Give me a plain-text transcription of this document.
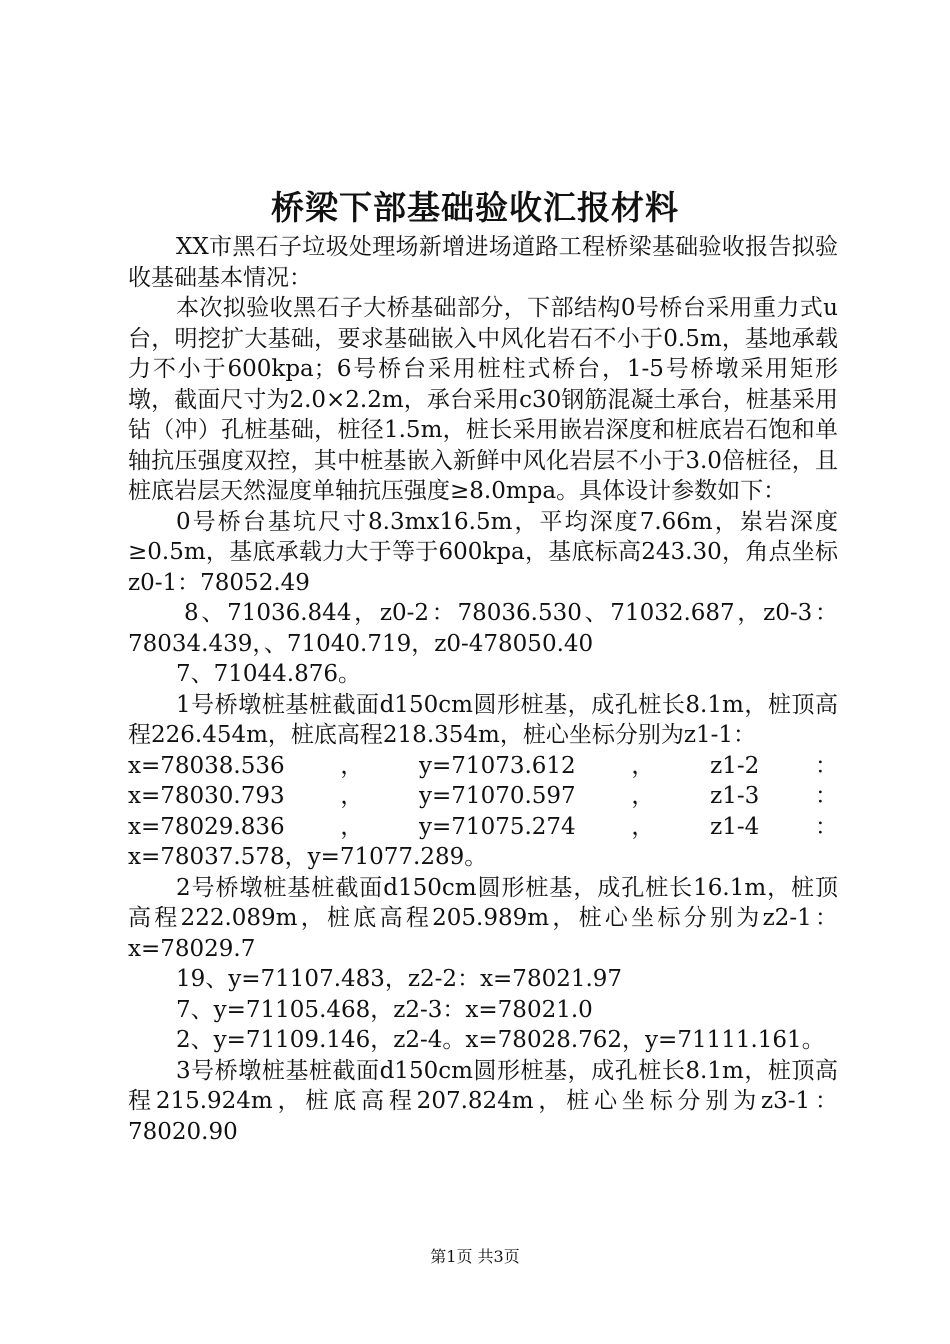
桥梁下部基础验收汇报材料

XX市黑石子垃圾处理场新增进场道路工程桥梁基础验收报告拟验收基础基本情况：

本次拟验收黑石子大桥基础部分，下部结构0号桥台采用重力式u台，明挖扩大基础，要求基础嵌入中风化岩石不小于0.5m，基地承载力不小于600kpa；6号桥台采用桩柱式桥台，1-5号桥墩采用矩形墩，截面尺寸为2.0×2.2m，承台采用c30钢筋混凝土承台，桩基采用钻（冲）孔桩基础，桩径1.5m，桩长采用嵌岩深度和桩底岩石饱和单轴抗压强度双控，其中桩基嵌入新鲜中风化岩层不小于3.0倍桩径，且桩底岩层天然湿度单轴抗压强度≥8.0mpa。具体设计参数如下：

0号桥台基坑尺寸8.3mx16.5m，平均深度7.66m，岽岩深度≥0.5m，基底承载力大于等于600kpa，基底标高243.30，角点坐标z0-1：78052.49

8、71036.844，z0-2：78036.530、71032.687，z0-3：78034.439，、71040.719，z0-478050.40

7、71044.876。

1号桥墩桩基桩截面d150cm圆形桩基，成孔桩长8.1m，桩顶高程226.454m，桩底高程218.354m，桩心坐标分别为z1-1：

x=78038.536 ， y=71073.612 ， z1-2 ：
x=78030.793 ， y=71070.597 ， z1-3 ：
x=78029.836 ， y=71075.274 ， z1-4 ：

x=78037.578，y=71077.289。

2号桥墩桩基桩截面d150cm圆形桩基，成孔桩长16.1m，桩顶高程222.089m，桩底高程205.989m，桩心坐标分别为z2-1：x=78029.7

19、y=71107.483，z2-2：x=78021.97

7、y=71105.468，z2-3：x=78021.0

2、y=71109.146，z2-4。x=78028.762，y=71111.161。

3号桥墩桩基桩截面d150cm圆形桩基，成孔桩长8.1m，桩顶高程215.924m，桩底高程207.824m，桩心坐标分别为z3-1：78020.90

第1页 共3页
